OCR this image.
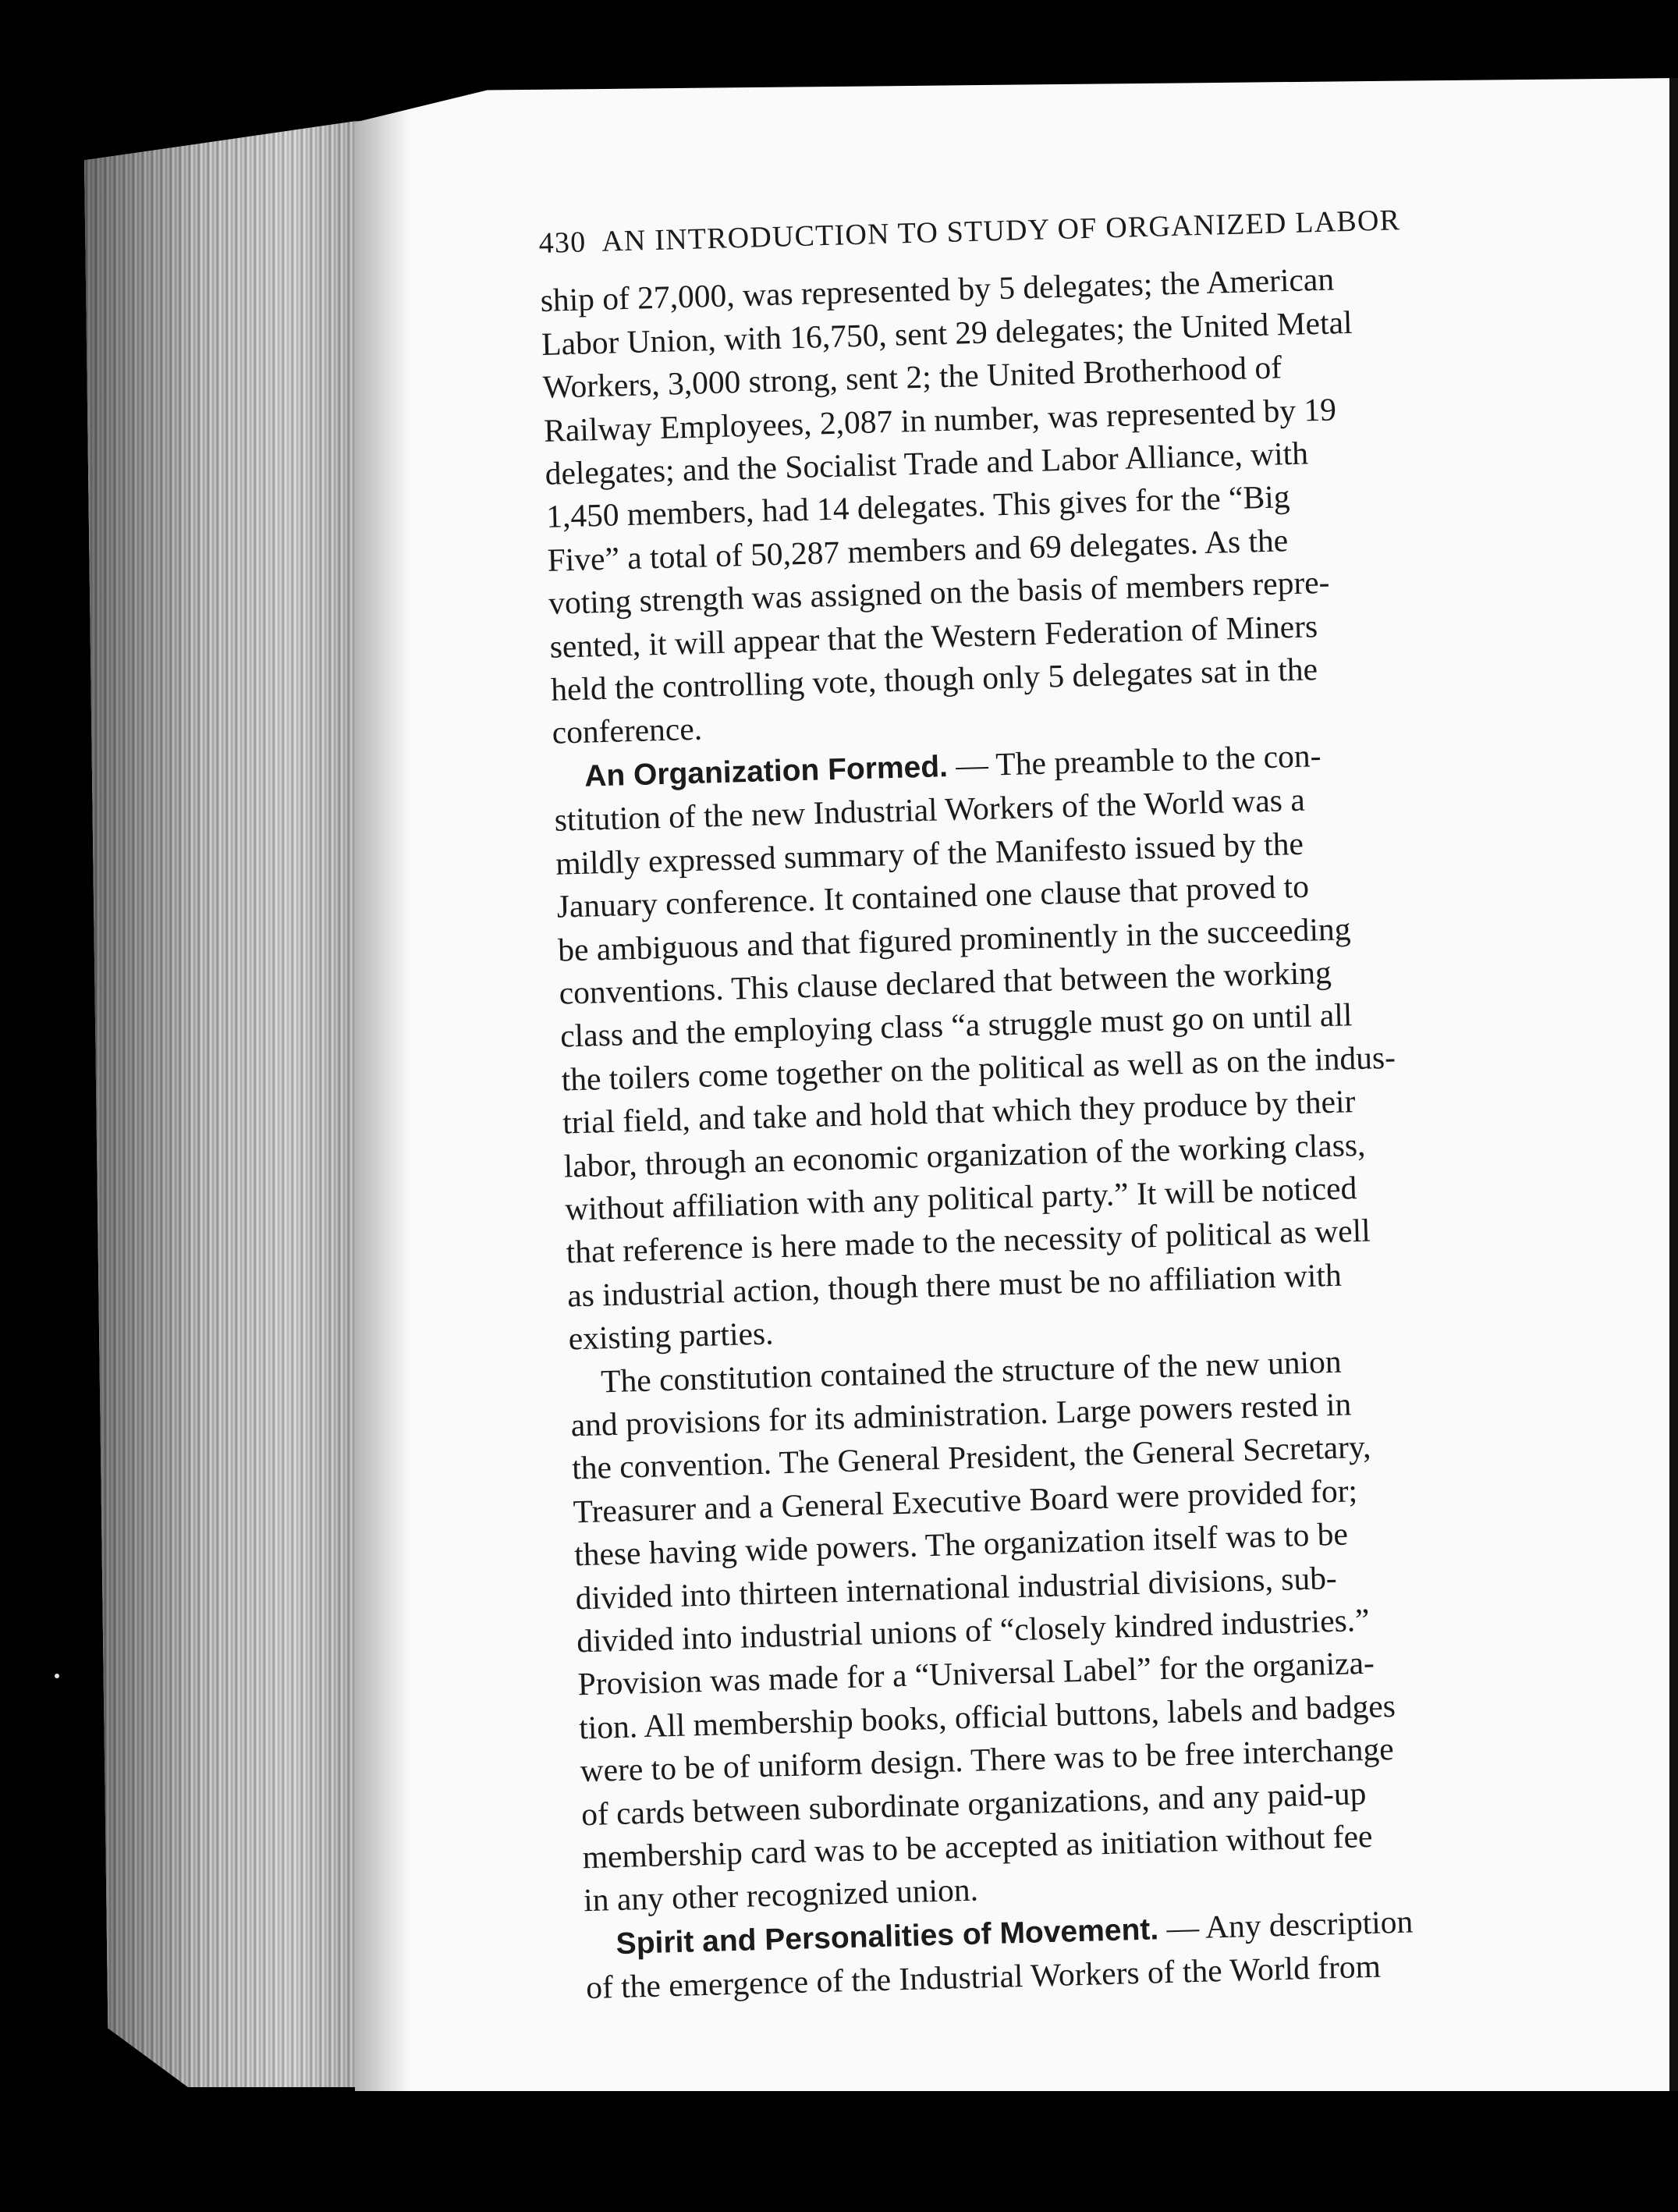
430 AN INTRODUCTION TO STUDY OF ORGANIZED LABOR

ship of 27,000, was represented by 5 delegates; the American
Labor Union, with 16,750, sent 29 delegates; the United Metal
Workers, 3,000 strong, sent 2; the United Brotherhood of
Railway Employees, 2,087 in number, was represented by 19
delegates; and the Socialist Trade and Labor Alliance, with
1,450 members, had 14 delegates. This gives for the “Big
Five” a total of 50,287 members and 69 delegates. As the
voting strength was assigned on the basis of members repre-
sented, it will appear that the Western Federation of Miners
held the controlling vote, though only 5 delegates sat in the
conference.

An Organization Formed. — The preamble to the con-
stitution of the new Industrial Workers of the World was a
mildly expressed summary of the Manifesto issued by the
January conference. It contained one clause that proved to
be ambiguous and that figured prominently in the succeeding
conventions. This clause declared that between the working
class and the employing class “a struggle must go on until all
the toilers come together on the political as well as on the indus-
trial field, and take and hold that which they produce by their
labor, through an economic organization of the working class,
without affiliation with any political party.” It will be noticed
that reference is here made to the necessity of political as well
as industrial action, though there must be no affiliation with
existing parties.

The constitution contained the structure of the new union
and provisions for its administration. Large powers rested in
the convention. The General President, the General Secretary,
Treasurer and a General Executive Board were provided for;
these having wide powers. The organization itself was to be
divided into thirteen international industrial divisions, sub-
divided into industrial unions of “closely kindred industries.”
Provision was made for a “Universal Label” for the organiza-
tion. All membership books, official buttons, labels and badges
were to be of uniform design. There was to be free interchange
of cards between subordinate organizations, and any paid-up
membership card was to be accepted as initiation without fee
in any other recognized union.

Spirit and Personalities of Movement. — Any description
of the emergence of the Industrial Workers of the World from
